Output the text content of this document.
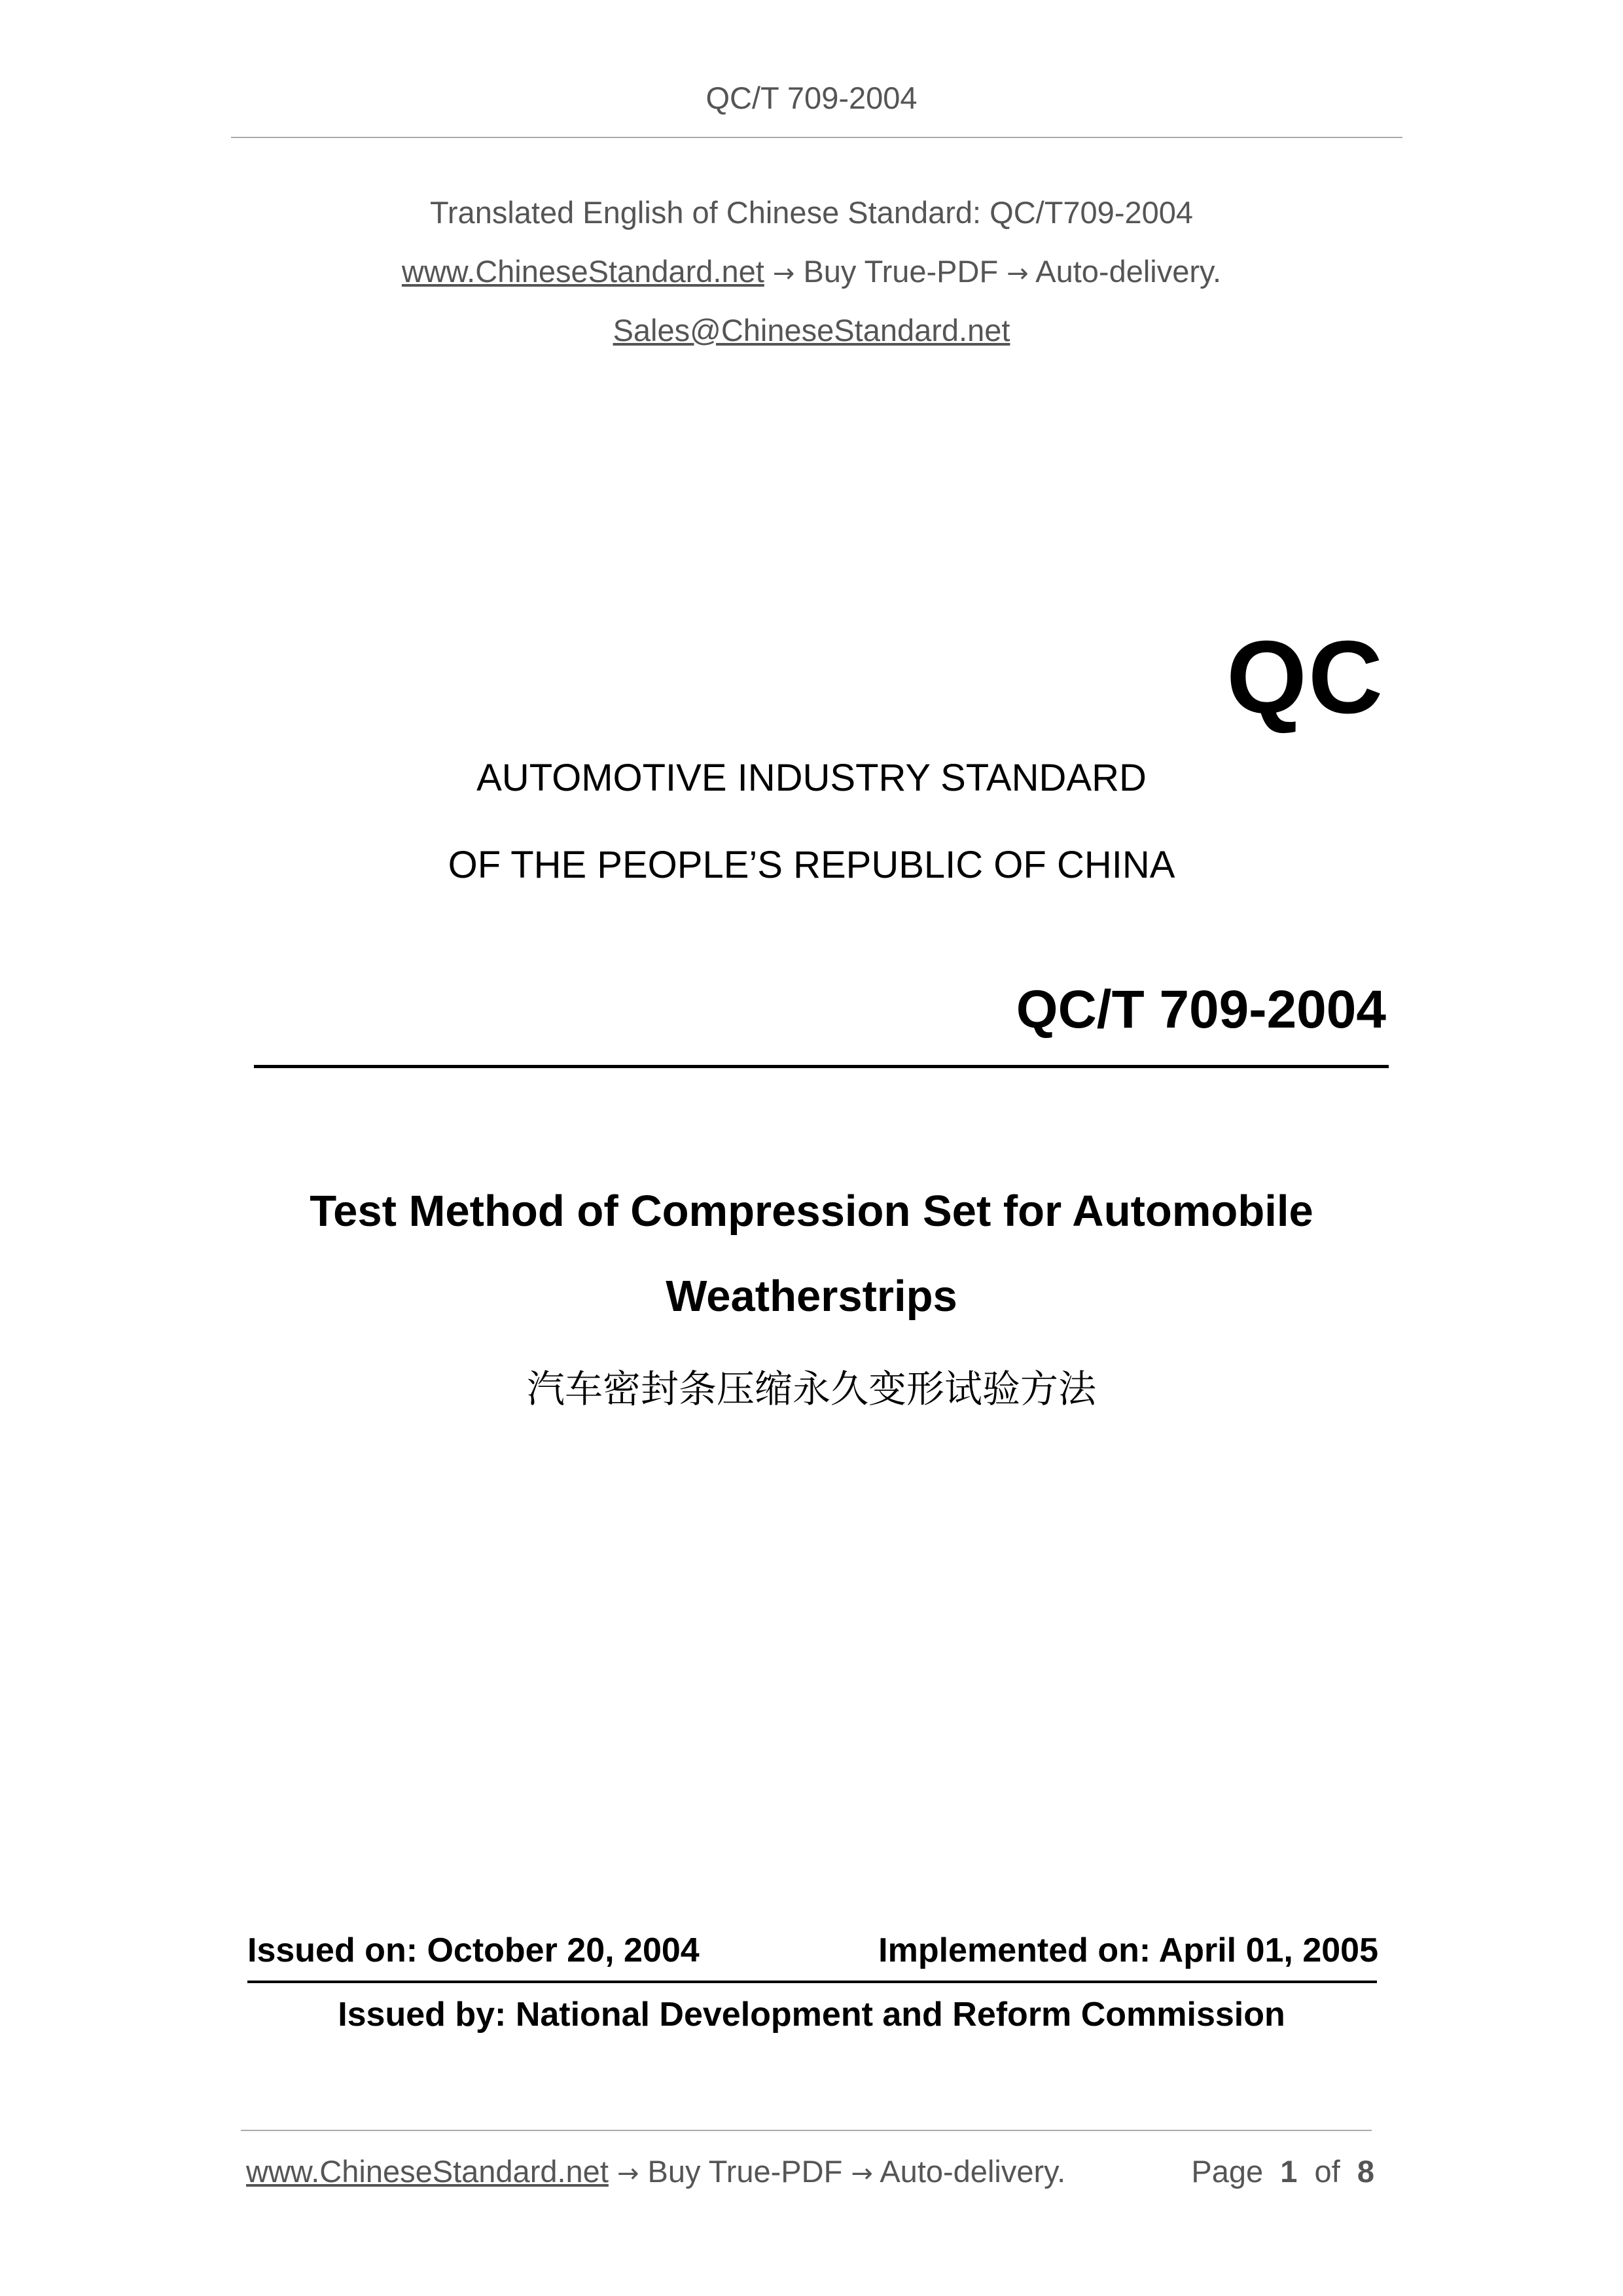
QC/T 709-2004
Translated English of Chinese Standard: QC/T709-2004
www.ChineseStandard.net → Buy True-PDF → Auto-delivery.
Sales@ChineseStandard.net
QC
AUTOMOTIVE INDUSTRY STANDARD
OF THE PEOPLE’S REPUBLIC OF CHINA
QC/T 709-2004
Test Method of Compression Set for Automobile
Weatherstrips
汽车密封条压缩永久变形试验方法
Issued on: October 20, 2004	Implemented on: April 01, 2005
Issued by: National Development and Reform Commission
www.ChineseStandard.net → Buy True-PDF → Auto-delivery.	Page 1 of 8
